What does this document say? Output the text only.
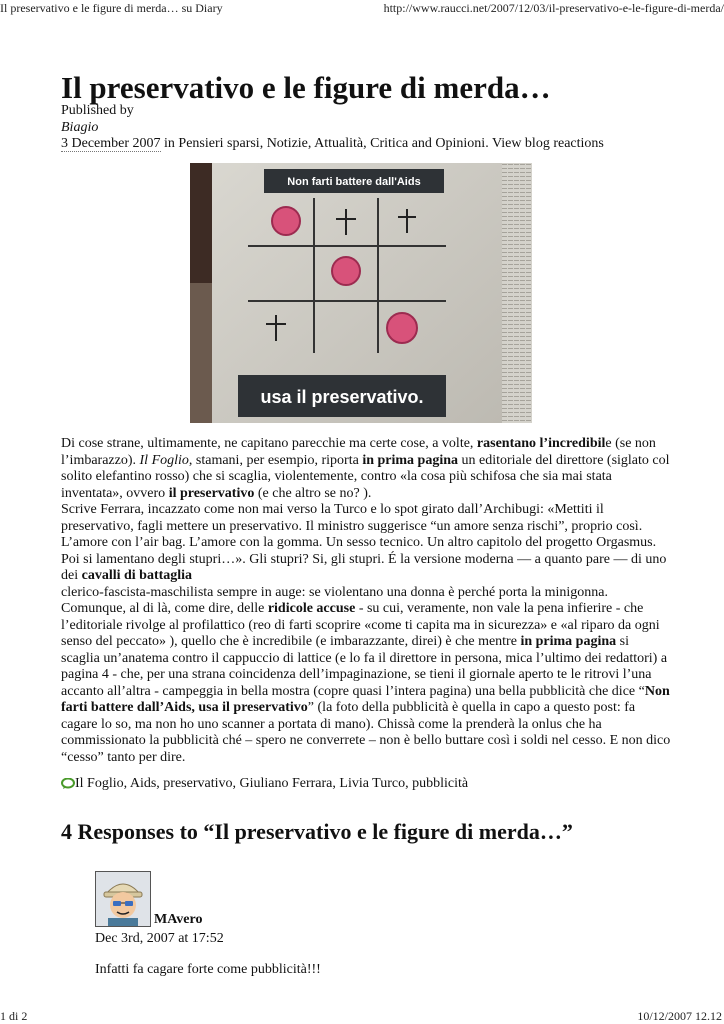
Il preservativo e le figure di merda… su Diary	http://www.raucci.net/2007/12/03/il-preservativo-e-le-figure-di-merda/
Il preservativo e le figure di merda…
Published by
Biagio
3 December 2007 in Pensieri sparsi, Notizie, Attualità, Critica and Opinioni. View blog reactions
Non farti battere dall'Aids
usa il preservativo.
Di cose strane, ultimamente, ne capitano parecchie ma certe cose, a volte, rasentano l’incredibile (se non l’imbarazzo). Il Foglio, stamani, per esempio, riporta in prima pagina un editoriale del direttore (siglato col solito elefantino rosso) che si scaglia, violentemente, contro «la cosa più schifosa che sia mai stata inventata», ovvero il preservativo (e che altro se no? ).
Scrive Ferrara, incazzato come non mai verso la Turco e lo spot girato dall’Archibugi: «Mettiti il preservativo, fagli mettere un preservativo. Il ministro suggerisce “un amore senza rischi”, proprio così. L’amore con l’air bag. L’amore con la gomma. Un sesso tecnico. Un altro capitolo del progetto Orgasmus. Poi si lamentano degli stupri…». Gli stupri? Si, gli stupri. É la versione moderna — a quanto pare — di uno dei cavalli di battaglia
clerico-fascista-maschilista sempre in auge: se violentano una donna è perché porta la minigonna. Comunque, al di là, come dire, delle ridicole accuse - su cui, veramente, non vale la pena infierire - che l’editoriale rivolge al profilattico (reo di farti scoprire «come ti capita ma in sicurezza» e «al riparo da ogni senso del peccato» ), quello che è incredibile (e imbarazzante, direi) è che mentre in prima pagina si scaglia un’anatema contro il cappuccio di lattice (e lo fa il direttore in persona, mica l’ultimo dei redattori) a pagina 4 - che, per una strana coincidenza dell’impaginazione, se tieni il giornale aperto te le ritrovi l’una accanto all’altra - campeggia in bella mostra (copre quasi l’intera pagina) una bella pubblicità che dice “Non farti battere dall’Aids, usa il preservativo” (la foto della pubblicità è quella in capo a questo post: fa cagare lo so, ma non ho uno scanner a portata di mano). Chissà come la prenderà la onlus che ha commissionato la pubblicità ché – spero ne converrete – non è bello buttare così i soldi nel cesso. E non dico “cesso” tanto per dire.
Il Foglio, Aids, preservativo, Giuliano Ferrara, Livia Turco, pubblicità
4 Responses to “Il preservativo e le figure di merda…”
MAvero
Dec 3rd, 2007 at 17:52
Infatti fa cagare forte come pubblicità!!!
1 di 2	10/12/2007 12.12
